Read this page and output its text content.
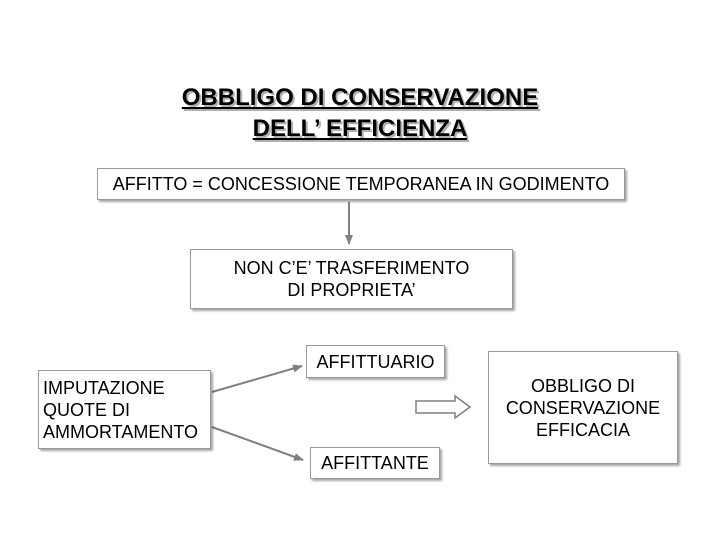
OBBLIGO DI CONSERVAZIONE
DELL’ EFFICIENZA
AFFITTO = CONCESSIONE TEMPORANEA IN GODIMENTO
NON C’E’ TRASFERIMENTO
DI PROPRIETA’
AFFITTUARIO
AFFITTANTE
IMPUTAZIONE
QUOTE DI
AMMORTAMENTO
OBBLIGO DI
CONSERVAZIONE
EFFICACIA
